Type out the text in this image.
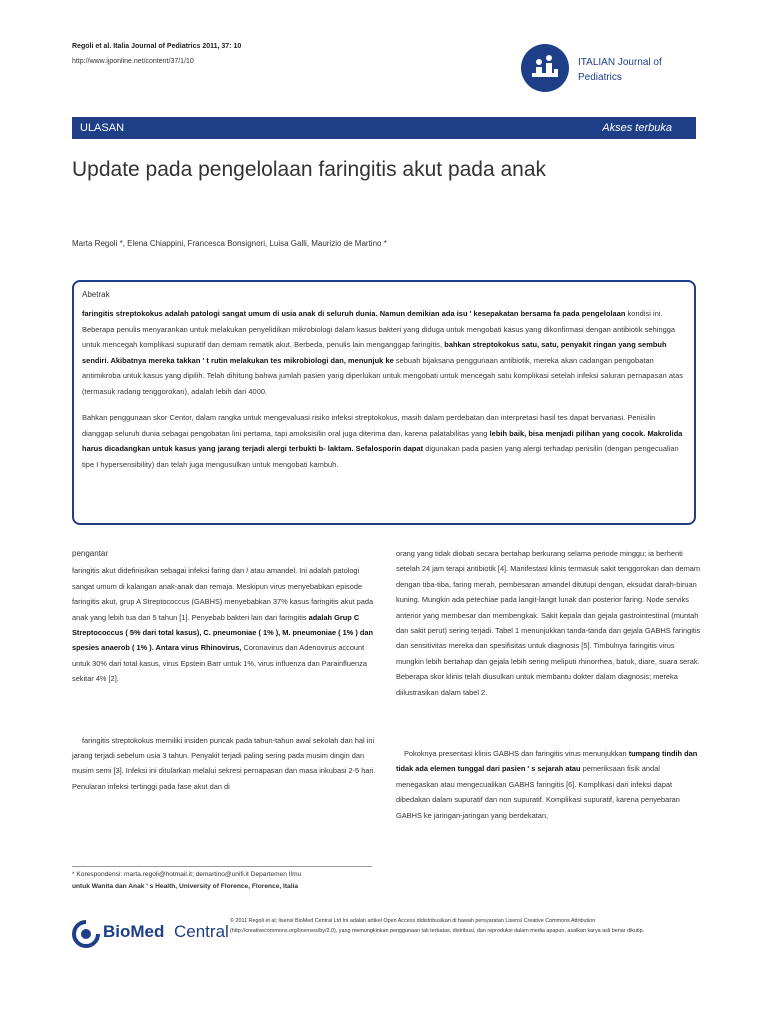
Regoli et al. Italia Journal of Pediatrics 2011, 37: 10
http://www.ijponline.net/content/37/1/10	ITALIAN Journal of
Pediatrics
ULASAN	Akses terbuka
Update pada pengelolaan faringitis akut pada anak
Marta Regoli *, Elena Chiappini, Francesca Bonsignori, Luisa Galli, Maurizio de Martino *
Abetrak

faringitis streptokokus adalah patologi sangat umum di usia anak di seluruh dunia. Namun demikian ada isu ' kesepakatan bersama fa pada pengelolaan kondisi ini. Beberapa penulis menyarankan untuk melakukan penyelidikan mikrobiologi dalam kasus bakteri yang diduga untuk mengobati kasus yang dikonfirmasi dengan antibiotik sehingga untuk mencegah komplikasi supuratif dan demam rematik akut. Berbeda, penulis lain menganggap faringitis, bahkan streptokokus satu, satu, penyakit ringan yang sembuh sendiri. Akibatnya mereka takkan ' t rutin melakukan tes mikrobiologi dan, menunjuk ke sebuah bijaksana penggunaan antibiotik, mereka akan cadangan pengobatan antimikroba untuk kasus yang dipilih. Telah dihitung bahwa jumlah pasien yang diperlukan untuk mengobati untuk mencegah satu komplikasi setelah infeksi saluran pernapasan atas (termasuk radang tenggorokan), adalah lebih dari 4000.

Bahkan penggunaan skor Centor, dalam rangka untuk mengevaluasi risiko infeksi streptokokus, masih dalam perdebatan dan interpretasi hasil tes dapat bervariasi. Penisilin dianggap seluruh dunia sebagai pengobatan lini pertama, tapi amoksisilin oral juga diterima dan, karena palatabilitas yang lebih baik, bisa menjadi pilihan yang cocok. Makrolida harus dicadangkan untuk kasus yang jarang terjadi alergi terbukti b- laktam. Sefalosporin dapat digunakan pada pasien yang alergi terhadap penisilin (dengan pengecualian tipe I hypersensibility) dan telah juga mengusulkan untuk mengobati kambuh.

pengantar

faringitis akut didefinisikan sebagai infeksi faring dan / atau amandel. Ini adalah patologi sangat umum di kalangan anak-anak dan remaja. Meskipun virus menyebabkan episode faringitis akut, grup A Streptococcus (GABHS) menyebabkan 37% kasus faringitis akut pada anak yang lebih tua dari 5 tahun [1]. Penyebab bakteri lain dari faringitis adalah Grup C Streptococcus ( 5% dari total kasus), C. pneumoniae ( 1% ), M. pneumoniae ( 1% ) dan spesies anaerob ( 1% ). Antara virus Rhinovirus, Coronavirus dan Adenovirus account untuk 30% dari total kasus, virus Epstein Barr untuk 1%, virus influenza dan Parainfluenza sekitar 4% [2].

faringitis streptokokus memiliki insiden puncak pada tahun-tahun awal sekolah dan hal ini jarang terjadi sebelum usia 3 tahun. Penyakit terjadi paling sering pada musim dingin dan musim semi [3]. Infeksi ini ditularkan melalui sekresi pernapasan dan masa inkubasi 2-5 hari. Penularan infeksi tertinggi pada fase akut dan di

orang yang tidak diobati secara bertahap berkurang selama periode minggu; ia berhenti setelah 24 jam terapi antibiotik [4]. Manifestasi klinis termasuk sakit tenggorokan dan demam dengan tiba-tiba, faring merah, pembesaran amandel ditutupi dengan, eksudat darah-biruan kuning. Mungkin ada petechiae pada langit-langit lunak dan posterior faring. Node serviks anterior yang membesar dan membengkak. Sakit kepala dan gejala gastrointestinal (muntah dan sakit perut) sering terjadi. Tabel 1 menunjukkan tanda-tanda dan gejala GABHS faringitis dan sensitivitas mereka dan spesifisitas untuk diagnosis [5]. Timbulnya faringitis virus mungkin lebih bertahap dan gejala lebih sering meliputi rhinorrhea, batuk, diare, suara serak. Beberapa skor klinis telah diusulkan untuk membantu dokter dalam diagnosis; mereka diilustrasikan dalam tabel 2.

Pokoknya presentasi klinis GABHS dan faringitis virus menunjukkan tumpang tindih dan tidak ada elemen tunggal dari pasien ' s sejarah atau pemeriksaan fisik andal menegaskan atau mengecualikan GABHS faringitis [6]. Komplikasi dari infeksi dapat dibedakan dalam supuratif dan non supuratif. Komplikasi supuratif, karena penyebaran GABHS ke jaringan-jaringan yang berdekatan,

* Korespondensi: marta.regoli@hotmail.it; demartino@unifi.it Departemen Ilmu
untuk Wanita dan Anak ' s Health, University of Florence, Florence, Italia
BioMed Central
© 2011 Regoli et al; lisensi BioMed Central Ltd Ini adalah artikel Open Access didistribusikan di bawah persyaratan Lisensi Creative Commons Attribution (http://creativecommons.org/licenses/by/2.0), yang memungkinkan penggunaan tak terbatas, distribusi, dan reproduksi dalam media apapun, asalkan karya asli benar dikutip.
